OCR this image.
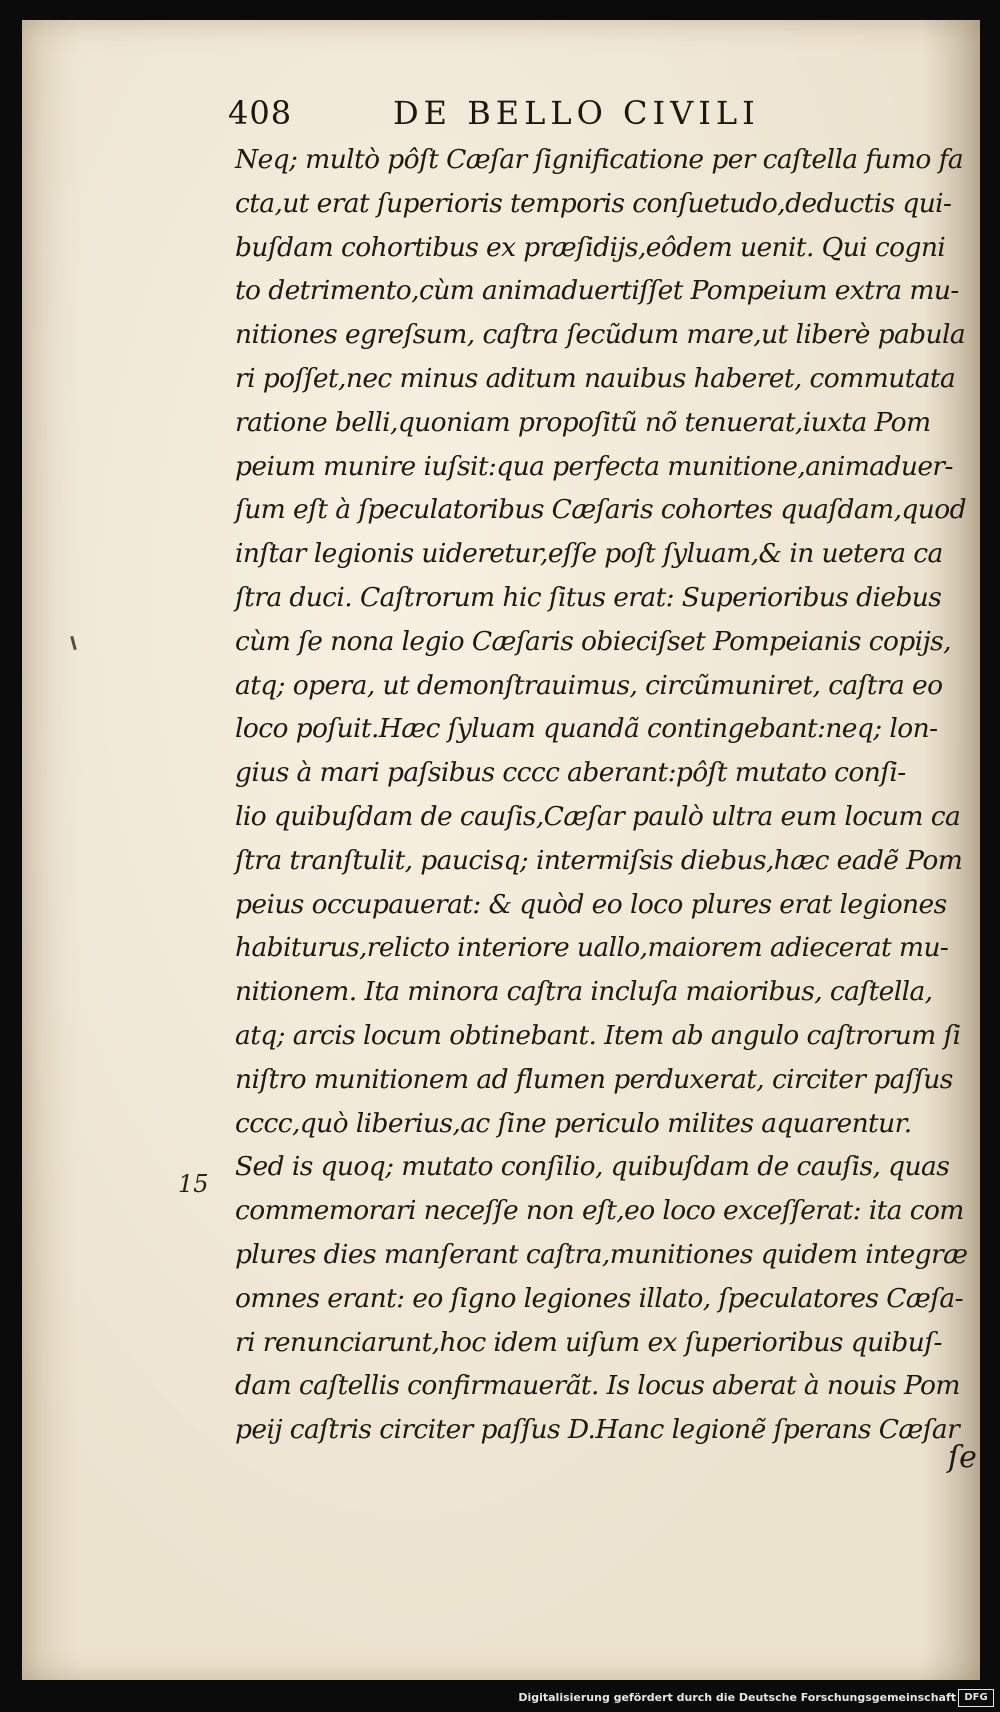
408	DE BELLO CIVILI
Neq; multò pôſt Cæſar ſignificatione per caſtella fumo fa
cta,ut erat ſuperioris temporis conſuetudo,deductis qui-
buſdam cohortibus ex præſidijs,eôdem uenit. Qui cogni
to detrimento,cùm animaduertiſſet Pompeium extra mu-
nitiones egreſsum, caſtra ſecũdum mare,ut liberè pabula
ri poſſet,nec minus aditum nauibus haberet, commutata
ratione belli,quoniam propoſitũ nõ tenuerat,iuxta Pom
peium munire iuſsit:qua perfecta munitione,animaduer-
ſum eſt à ſpeculatoribus Cæſaris cohortes quaſdam,quod
inſtar legionis uideretur,eſſe poſt ſyluam,& in uetera ca
ſtra duci. Caſtrorum hic ſitus erat: Superioribus diebus
cùm ſe nona legio Cæſaris obieciſset Pompeianis copijs,
atq; opera, ut demonſtrauimus, circũmuniret, caſtra eo
loco poſuit.Hæc ſyluam quandã contingebant:neq; lon-
gius à mari paſsibus cccc aberant:pôſt mutato conſi-
lio quibuſdam de cauſis,Cæſar paulò ultra eum locum ca
ſtra tranſtulit, paucisq; intermiſsis diebus,hæc eadẽ Pom
peius occupauerat: & quòd eo loco plures erat legiones
habiturus,relicto interiore uallo,maiorem adiecerat mu-
nitionem. Ita minora caſtra incluſa maioribus, caſtella,
atq; arcis locum obtinebant. Item ab angulo caſtrorum ſi
niſtro munitionem ad flumen perduxerat, circiter paſſus
cccc,quò liberius,ac ſine periculo milites aquarentur.
Sed is quoq; mutato conſilio, quibuſdam de cauſis, quas
commemorari neceſſe non eſt,eo loco exceſſerat: ita com
plures dies manſerant caſtra,munitiones quidem integræ
omnes erant: eo ſigno legiones illato, ſpeculatores Cæſa-
ri renunciarunt,hoc idem uiſum ex ſuperioribus quibuſ-
dam caſtellis confirmauerãt. Is locus aberat à nouis Pom
peij caſtris circiter paſſus D.Hanc legionẽ ſperans Cæſar
15
ſe
Digitalisierung gefördert durch die Deutsche Forschungsgemeinschaft DFG
